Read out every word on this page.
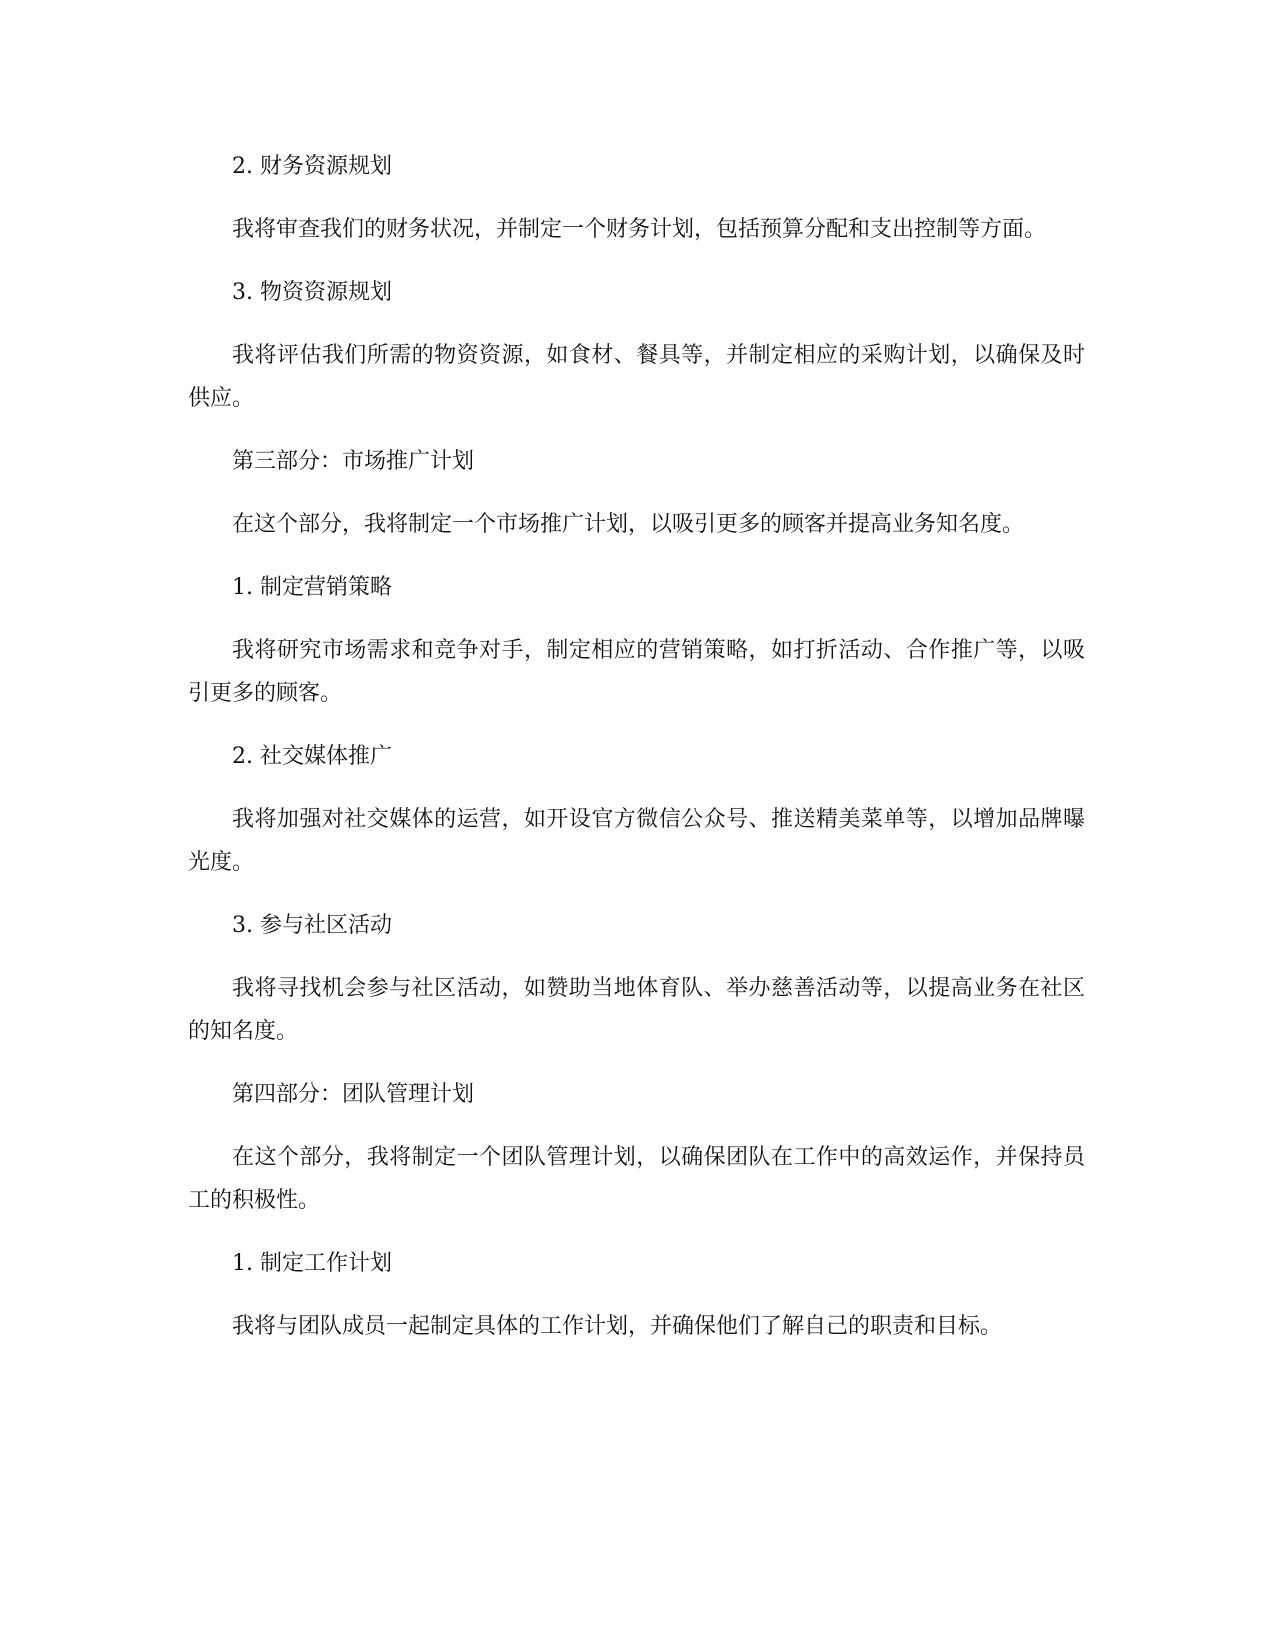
2. 财务资源规划

我将审查我们的财务状况，并制定一个财务计划，包括预算分配和支出控制等方面。

3. 物资资源规划

我将评估我们所需的物资资源，如食材、餐具等，并制定相应的采购计划，以确保及时供应。

第三部分：市场推广计划

在这个部分，我将制定一个市场推广计划，以吸引更多的顾客并提高业务知名度。

1. 制定营销策略

我将研究市场需求和竞争对手，制定相应的营销策略，如打折活动、合作推广等，以吸引更多的顾客。

2. 社交媒体推广

我将加强对社交媒体的运营，如开设官方微信公众号、推送精美菜单等，以增加品牌曝光度。

3. 参与社区活动

我将寻找机会参与社区活动，如赞助当地体育队、举办慈善活动等，以提高业务在社区的知名度。

第四部分：团队管理计划

在这个部分，我将制定一个团队管理计划，以确保团队在工作中的高效运作，并保持员工的积极性。

1. 制定工作计划

我将与团队成员一起制定具体的工作计划，并确保他们了解自己的职责和目标。
